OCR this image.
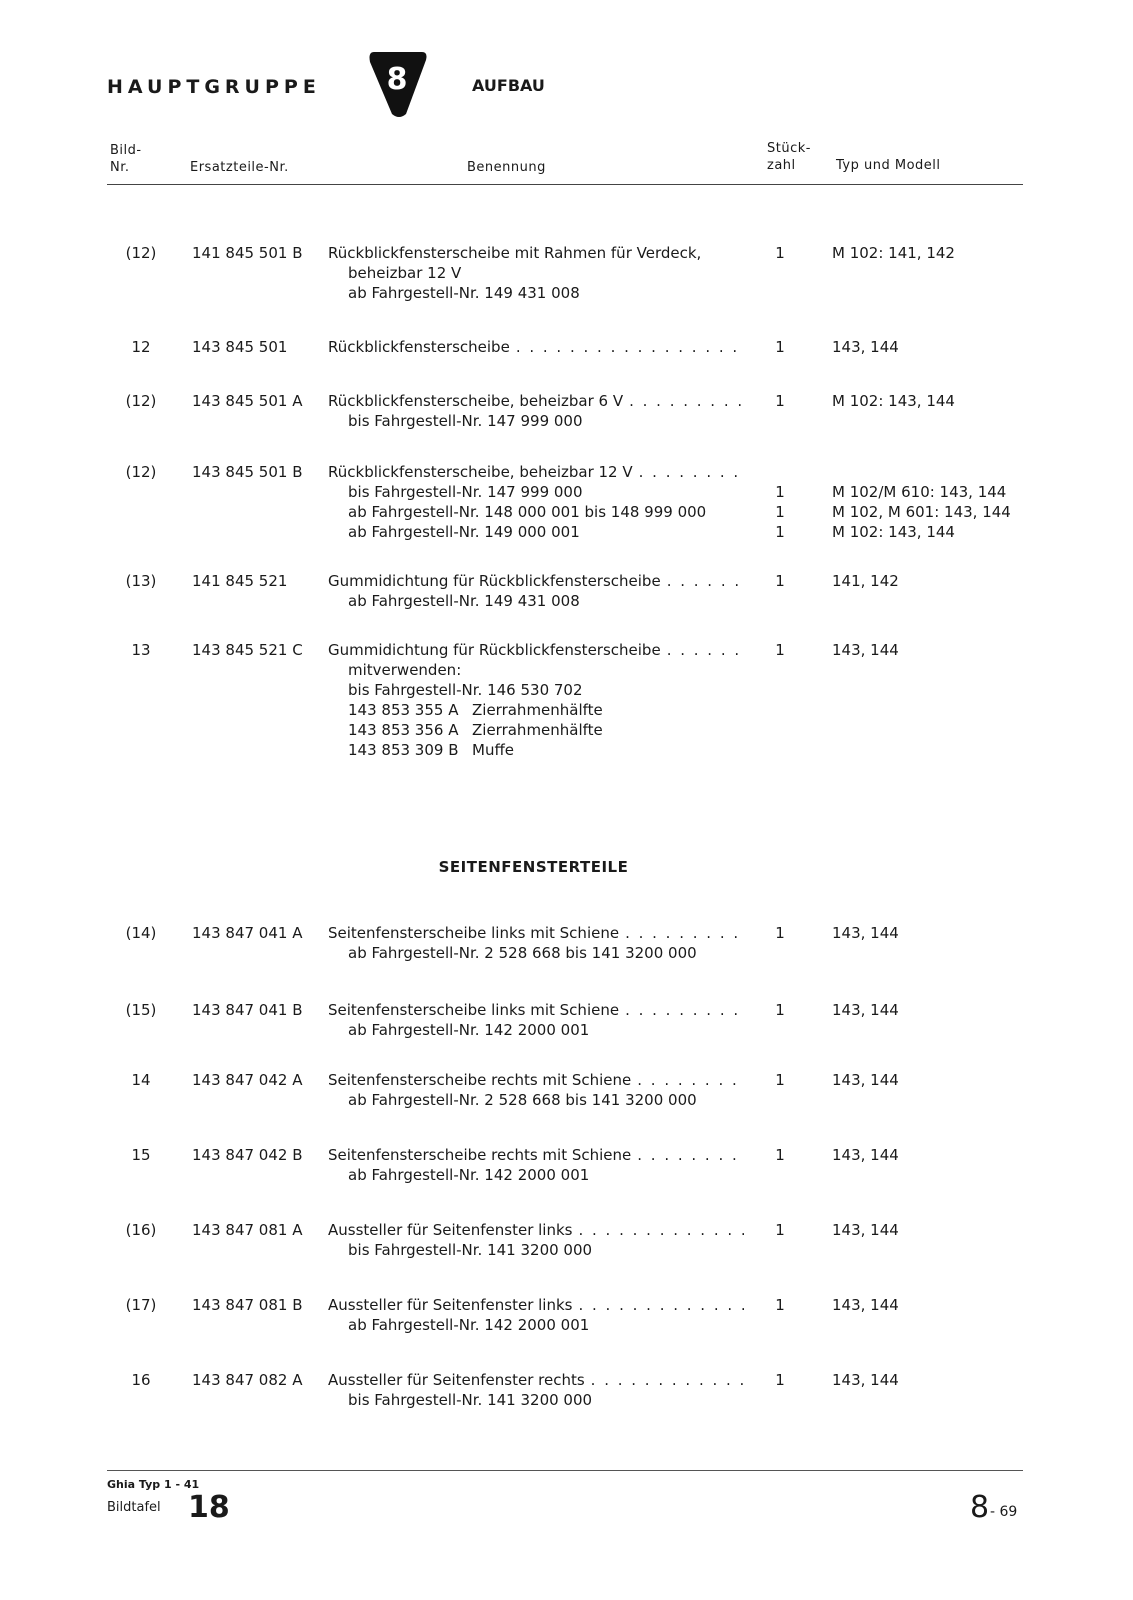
HAUPTGRUPPE	8	AUFBAU
Bild-
Nr.	Ersatzteile-Nr.	Benennung
Stück-
zahl	Typ und Modell
(12)	141 845 501 B Rückblickfensterscheibe mit Rahmen für Verdeck,
beheizbar 12 V
ab Fahrgestell-Nr. 149 431 008
1	M 102: 141, 142
12	143 845 501	Rückblickfensterscheibe
. . .	1	143, 144
(12)	143 845 501 A Rückblickfensterscheibe, beheizbar 6 V
. . .
bis Fahrgestell-Nr. 147 999 000
1	M 102: 143, 144
(12)	143 845 501 B Rückblickfensterscheibe, beheizbar 12 V
. . .
bis Fahrgestell-Nr. 147 999 000
ab Fahrgestell-Nr. 148 000 001 bis 148 999 000
ab Fahrgestell-Nr. 149 000 001

1
1
1

M 102/M 610: 143, 144
M 102, M 601: 143, 144
M 102: 143, 144
(13)	141 845 521	Gummidichtung für Rückblickfensterscheibe
. . .
ab Fahrgestell-Nr. 149 431 008
1	141, 142
13	143 845 521 C Gummidichtung für Rückblickfensterscheibe
. . .
mitverwenden:
bis Fahrgestell-Nr. 146 530 702
143 853 355 A Zierrahmenhälfte
143 853 356 A Zierrahmenhälfte
143 853 309 B Muffe
1	143, 144
SEITENFENSTERTEILE
(14)	143 847 041 A Seitenfensterscheibe links mit Schiene
. . .
ab Fahrgestell-Nr. 2 528 668 bis 141 3200 000
1	143, 144
(15)	143 847 041 B Seitenfensterscheibe links mit Schiene
. . .
ab Fahrgestell-Nr. 142 2000 001
1	143, 144
14	143 847 042 A Seitenfensterscheibe rechts mit Schiene
. . .
ab Fahrgestell-Nr. 2 528 668 bis 141 3200 000
1	143, 144
15	143 847 042 B Seitenfensterscheibe rechts mit Schiene
. . .
ab Fahrgestell-Nr. 142 2000 001
1	143, 144
(16)	143 847 081 A Aussteller für Seitenfenster links
. . .
bis Fahrgestell-Nr. 141 3200 000
1	143, 144
(17)	143 847 081 B Aussteller für Seitenfenster links
. . .
ab Fahrgestell-Nr. 142 2000 001
1	143, 144
16	143 847 082 A Aussteller für Seitenfenster rechts
. . .
bis Fahrgestell-Nr. 141 3200 000
1	143, 144
Ghia Typ 1 - 41
Bildtafel 18	8 - 69
